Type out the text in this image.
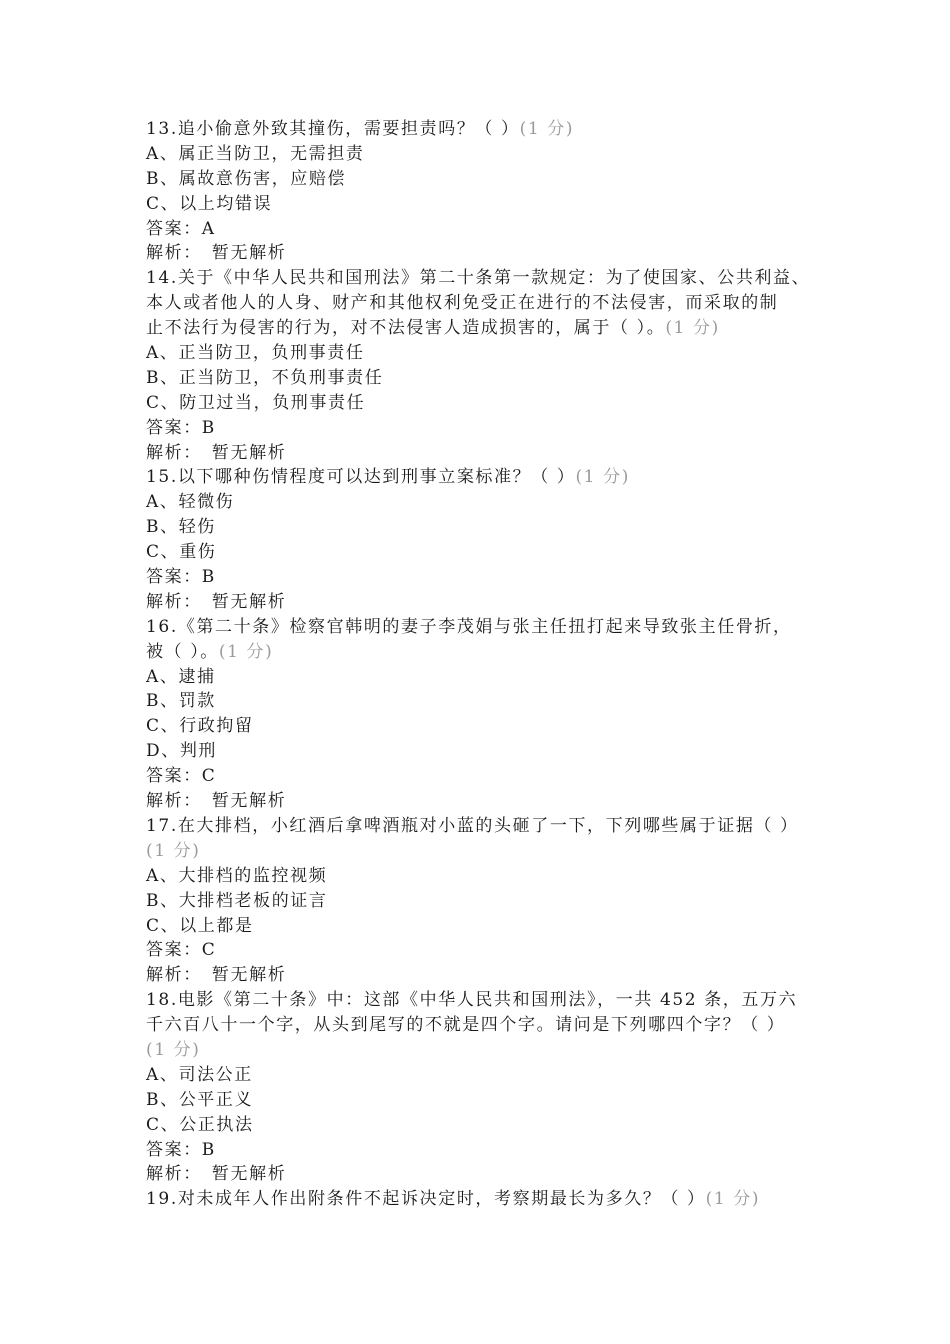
13.追小偷意外致其撞伤，需要担责吗？（ ）(1 分)
A、属正当防卫，无需担责
B、属故意伤害，应赔偿
C、以上均错误
答案：A
解析：　暂无解析
14.关于《中华人民共和国刑法》第二十条第一款规定：为了使国家、公共利益、
本人或者他人的人身、财产和其他权利免受正在进行的不法侵害，而采取的制
止不法行为侵害的行为，对不法侵害人造成损害的，属于（ ）。(1 分)
A、正当防卫，负刑事责任
B、正当防卫，不负刑事责任
C、防卫过当，负刑事责任
答案：B
解析：　暂无解析
15.以下哪种伤情程度可以达到刑事立案标准？（ ）(1 分)
A、轻微伤
B、轻伤
C、重伤
答案：B
解析：　暂无解析
16.《第二十条》检察官韩明的妻子李茂娟与张主任扭打起来导致张主任骨折，
被（ ）。(1 分)
A、逮捕
B、罚款
C、行政拘留
D、判刑
答案：C
解析：　暂无解析
17.在大排档，小红酒后拿啤酒瓶对小蓝的头砸了一下，下列哪些属于证据（ ）
(1 分)
A、大排档的监控视频
B、大排档老板的证言
C、以上都是
答案：C
解析：　暂无解析
18.电影《第二十条》中：这部《中华人民共和国刑法》，一共 452 条，五万六
千六百八十一个字，从头到尾写的不就是四个字。请问是下列哪四个字？（ ）
(1 分)
A、司法公正
B、公平正义
C、公正执法
答案：B
解析：　暂无解析
19.对未成年人作出附条件不起诉决定时，考察期最长为多久？（ ）(1 分)
